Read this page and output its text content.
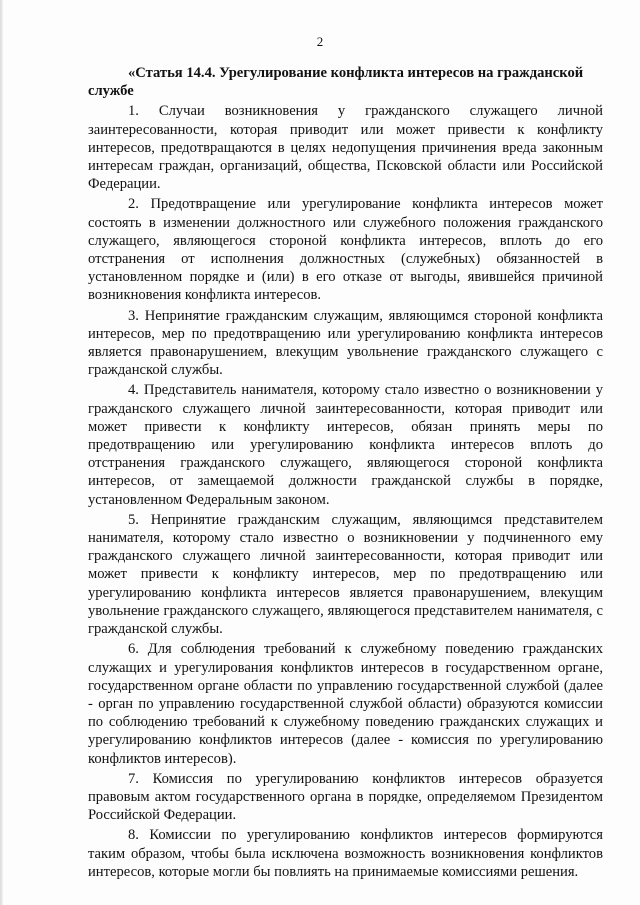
2

«Статья 14.4. Урегулирование конфликта интересов на гражданской службе

1. Случаи возникновения у гражданского служащего личной заинтересованности, которая приводит или может привести к конфликту интересов, предотвращаются в целях недопущения причинения вреда законным интересам граждан, организаций, общества, Псковской области или Российской Федерации.

2. Предотвращение или урегулирование конфликта интересов может состоять в изменении должностного или служебного положения гражданского служащего, являющегося стороной конфликта интересов, вплоть до его отстранения от исполнения должностных (служебных) обязанностей в установленном порядке и (или) в его отказе от выгоды, явившейся причиной возникновения конфликта интересов.

3. Непринятие гражданским служащим, являющимся стороной конфликта интересов, мер по предотвращению или урегулированию конфликта интересов является правонарушением, влекущим увольнение гражданского служащего с гражданской службы.

4. Представитель нанимателя, которому стало известно о возникновении у гражданского служащего личной заинтересованности, которая приводит или может привести к конфликту интересов, обязан принять меры по предотвращению или урегулированию конфликта интересов вплоть до отстранения гражданского служащего, являющегося стороной конфликта интересов, от замещаемой должности гражданской службы в порядке, установленном Федеральным законом.

5. Непринятие гражданским служащим, являющимся представителем нанимателя, которому стало известно о возникновении у подчиненного ему гражданского служащего личной заинтересованности, которая приводит или может привести к конфликту интересов, мер по предотвращению или урегулированию конфликта интересов является правонарушением, влекущим увольнение гражданского служащего, являющегося представителем нанимателя, с гражданской службы.

6. Для соблюдения требований к служебному поведению гражданских служащих и урегулирования конфликтов интересов в государственном органе, государственном органе области по управлению государственной службой (далее - орган по управлению государственной службой области) образуются комиссии по соблюдению требований к служебному поведению гражданских служащих и урегулированию конфликтов интересов (далее - комиссия по урегулированию конфликтов интересов).

7. Комиссия по урегулированию конфликтов интересов образуется правовым актом государственного органа в порядке, определяемом Президентом Российской Федерации.

8. Комиссии по урегулированию конфликтов интересов формируются таким образом, чтобы была исключена возможность возникновения конфликтов интересов, которые могли бы повлиять на принимаемые комиссиями решения.
